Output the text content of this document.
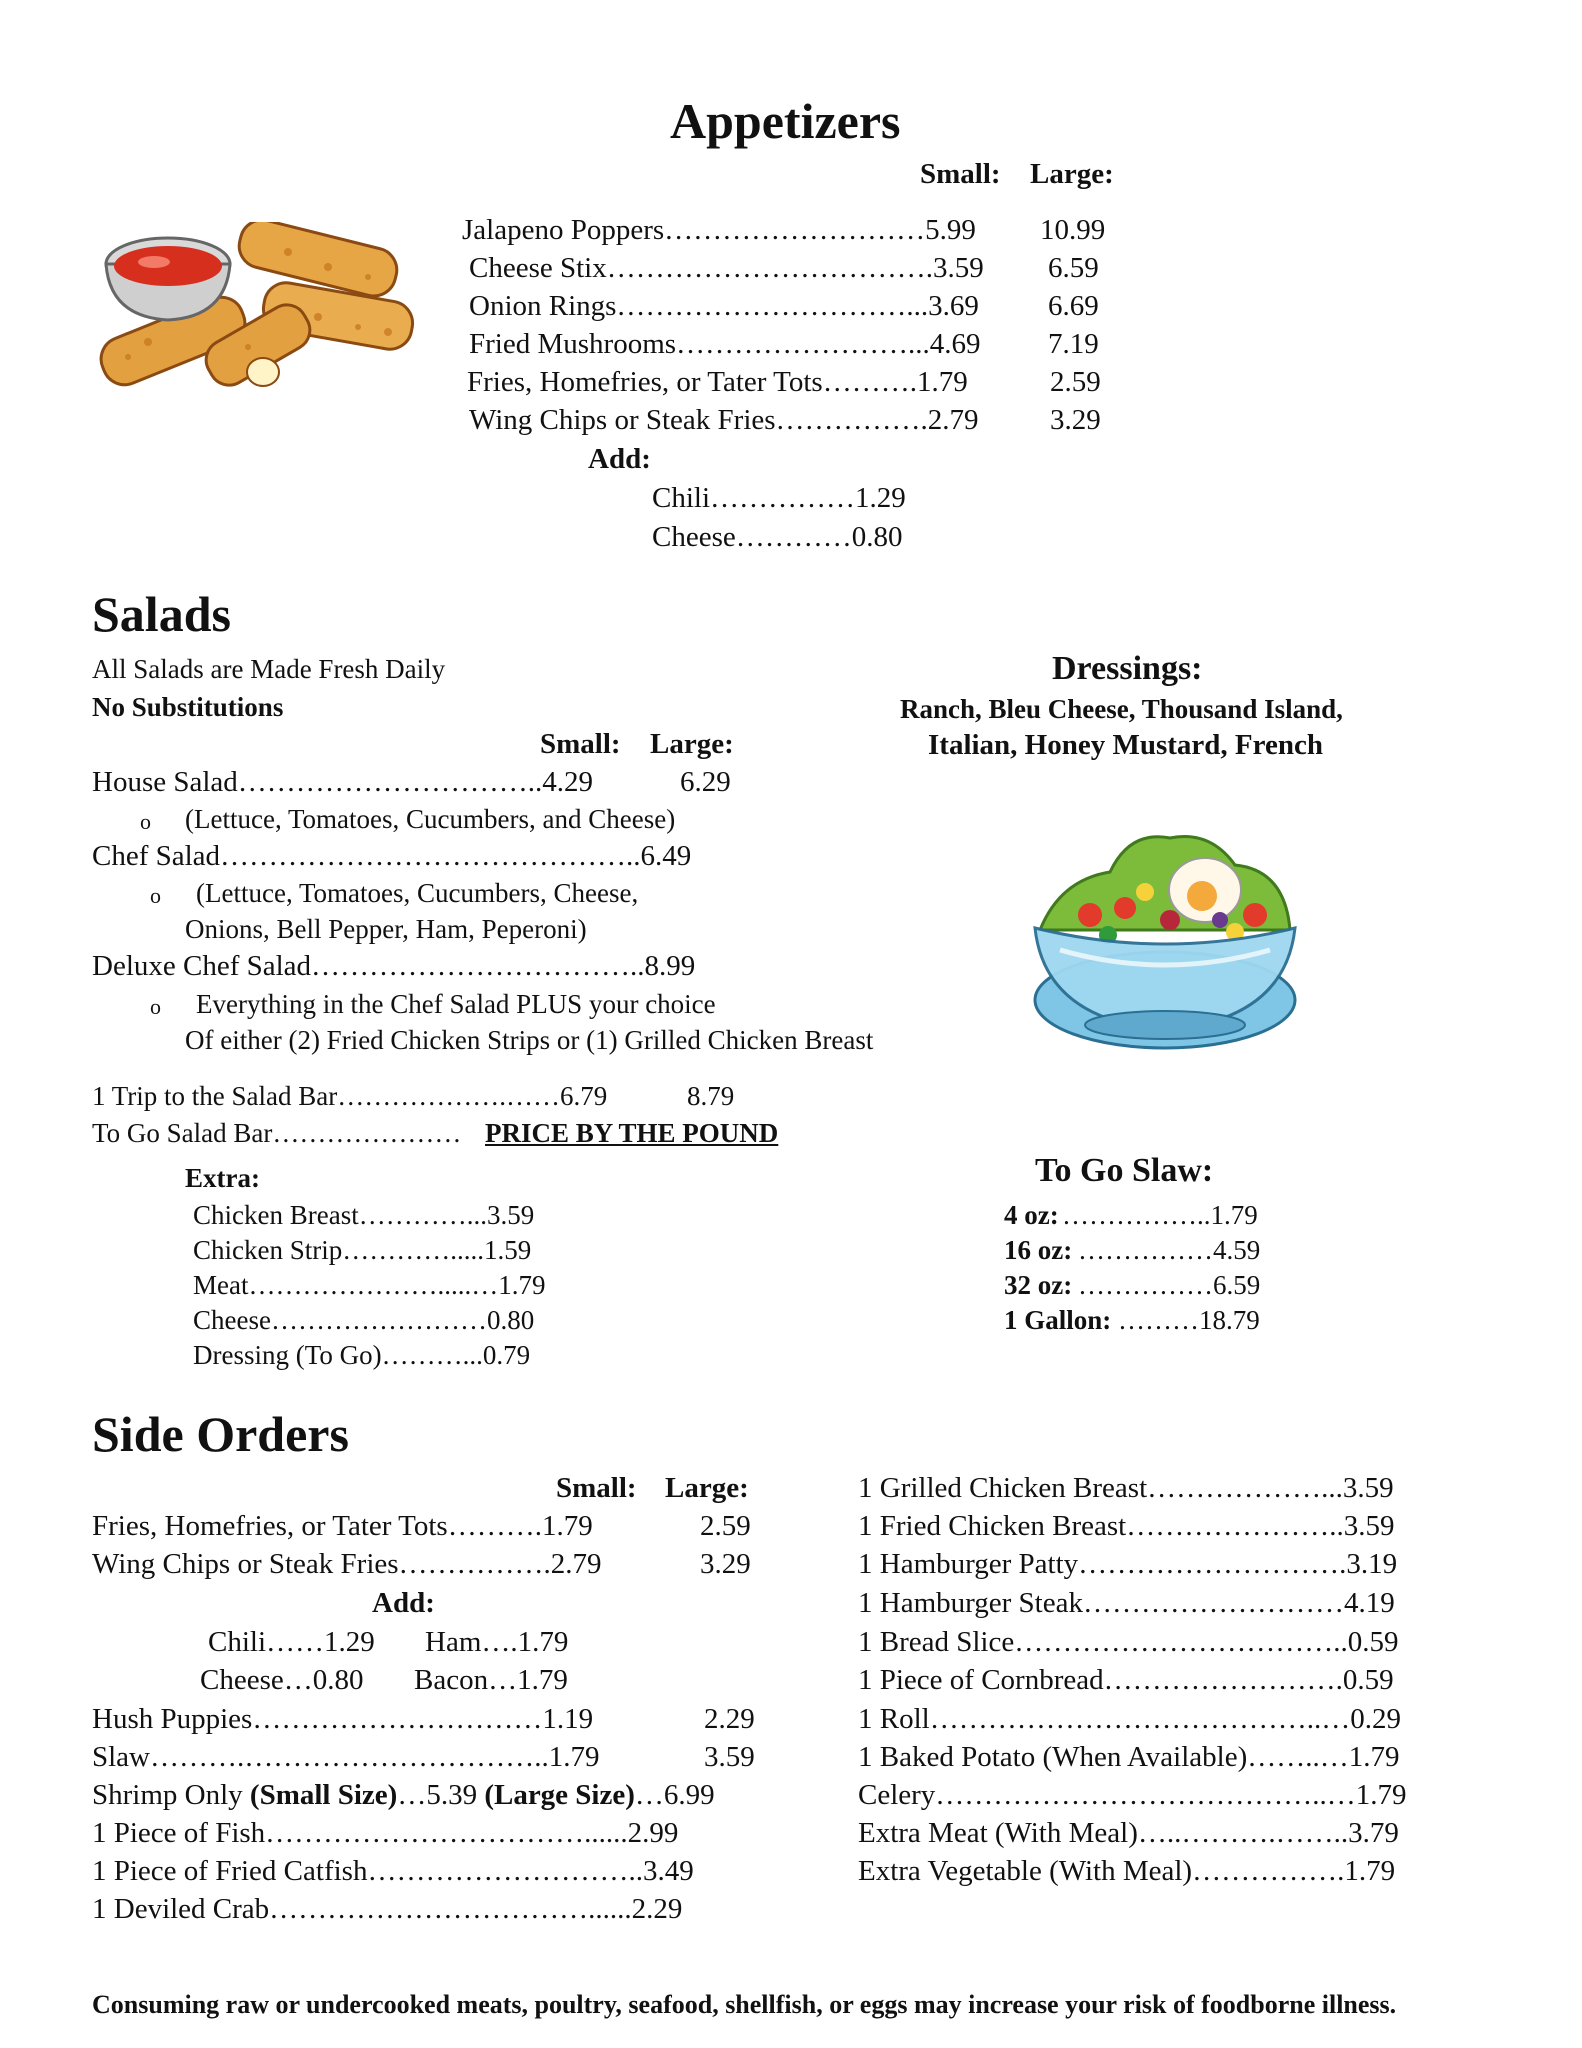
Appetizers
Small: Large:
Jalapeno Poppers………………………5.99 10.99
Cheese Stix…………………………….3.59 6.59
Onion Rings…………………………...3.69 6.69
Fried Mushrooms……………………...4.69 7.19
Fries, Homefries, or Tater Tots……….1.79	2.59
Wing Chips or Steak Fries…………….2.79 3.29
Add:
Chili……………1.29
Cheese…………0.80
Salads
All Salads are Made Fresh Daily
No Substitutions
Small: Large:
House Salad…………………………..4.29	6.29
o (Lettuce, Tomatoes, Cucumbers, and Cheese)
Chef Salad……………………………………..6.49
o (Lettuce, Tomatoes, Cucumbers, Cheese,
Onions, Bell Pepper, Ham, Peperoni)
Deluxe Chef Salad……………………………..8.99
o Everything in the Chef Salad PLUS your choice
Of either (2) Fried Chicken Strips or (1) Grilled Chicken Breast
1 Trip to the Salad Bar……………….……6.79	8.79
To Go Salad Bar………………… PRICE BY THE POUND
Extra:
Chicken Breast…………...3.59
Chicken Strip………….....1.59
Meat………………….....…1.79
Cheese……………………0.80
Dressing (To Go)………...0.79
Dressings:
Ranch, Bleu Cheese, Thousand Island,
Italian, Honey Mustard, French
To Go Slaw:
4 oz: ……………..1.79
16 oz: ……………4.59
32 oz: ……………6.59
1 Gallon: ………18.79
Side Orders
Small: Large:
Fries, Homefries, or Tater Tots……….1.79	2.59
Wing Chips or Steak Fries…………….2.79	3.29
Add:
Chili……1.29 Ham….1.79
Cheese…0.80 Bacon…1.79
Hush Puppies…………………………1.19	2.29
Slaw……….…………………………..1.79	3.59
Shrimp Only (Small Size)…5.39 (Large Size)…6.99
1 Piece of Fish……………………………......2.99
1 Piece of Fried Catfish………………………..3.49
1 Deviled Crab……………………………......2.29
1 Grilled Chicken Breast………………...3.59
1 Fried Chicken Breast…………………..3.59
1 Hamburger Patty……………………….3.19
1 Hamburger Steak………………………4.19
1 Bread Slice……………………………..0.59
1 Piece of Cornbread…………………….0.59
1 Roll…………………………………..…0.29
1 Baked Potato (When Available)……..…1.79
Celery…………………………………..…1.79
Extra Meat (With Meal)…..……….……..3.79
Extra Vegetable (With Meal)…………….1.79
Consuming raw or undercooked meats, poultry, seafood, shellfish, or eggs may increase your risk of foodborne illness.
